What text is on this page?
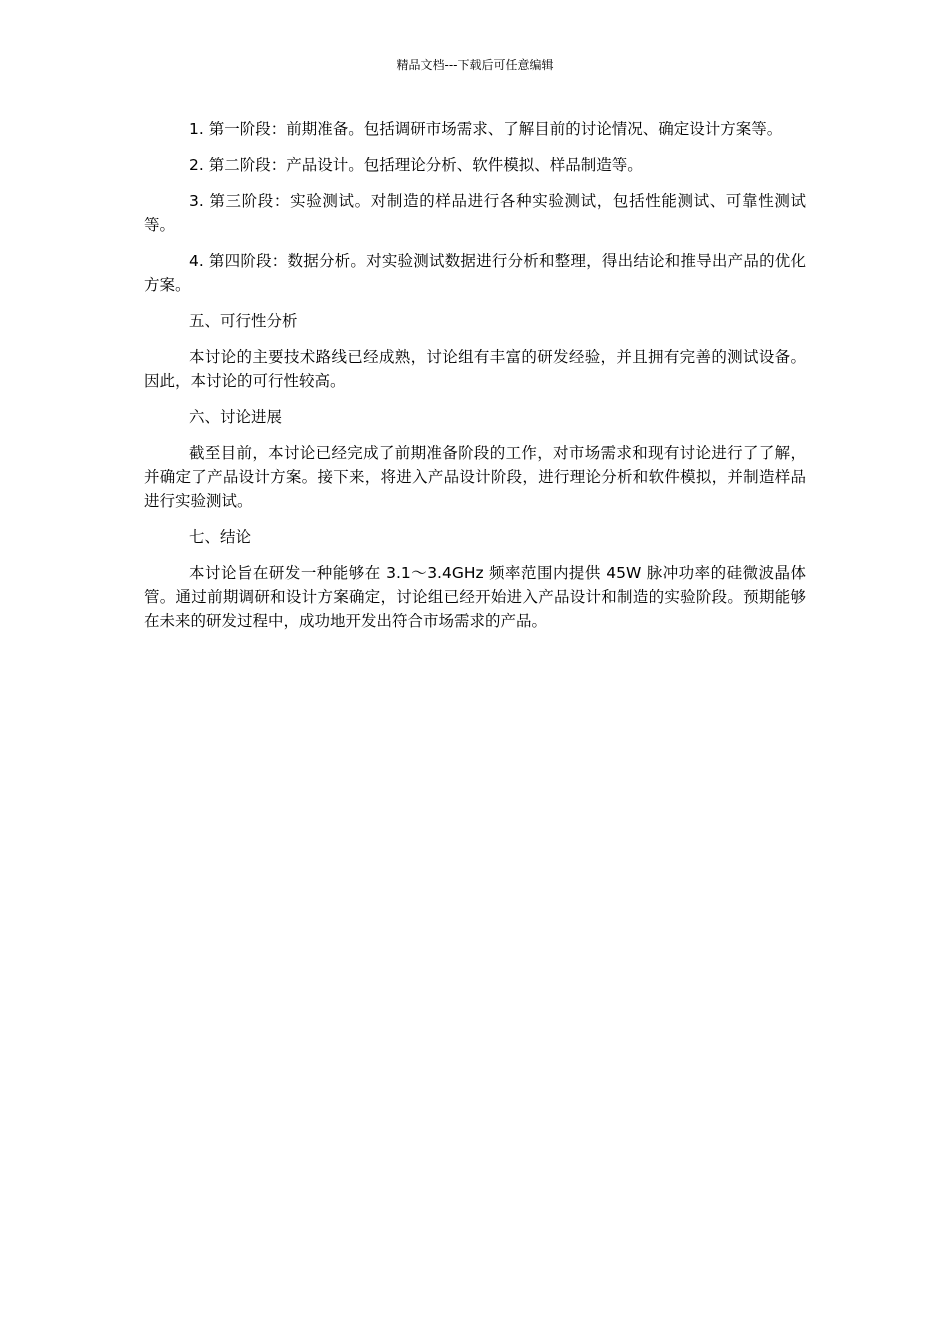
精品文档---下载后可任意编辑

1. 第一阶段：前期准备。包括调研市场需求、了解目前的讨论情况、确定设计方案等。

2. 第二阶段：产品设计。包括理论分析、软件模拟、样品制造等。

3. 第三阶段：实验测试。对制造的样品进行各种实验测试，包括性能测试、可靠性测试等。

4. 第四阶段：数据分析。对实验测试数据进行分析和整理，得出结论和推导出产品的优化方案。

五、可行性分析

本讨论的主要技术路线已经成熟，讨论组有丰富的研发经验，并且拥有完善的测试设备。因此，本讨论的可行性较高。

六、讨论进展

截至目前，本讨论已经完成了前期准备阶段的工作，对市场需求和现有讨论进行了了解，并确定了产品设计方案。接下来，将进入产品设计阶段，进行理论分析和软件模拟，并制造样品进行实验测试。

七、结论

本讨论旨在研发一种能够在 3.1～3.4GHz 频率范围内提供 45W 脉冲功率的硅微波晶体管。通过前期调研和设计方案确定，讨论组已经开始进入产品设计和制造的实验阶段。预期能够在未来的研发过程中，成功地开发出符合市场需求的产品。
